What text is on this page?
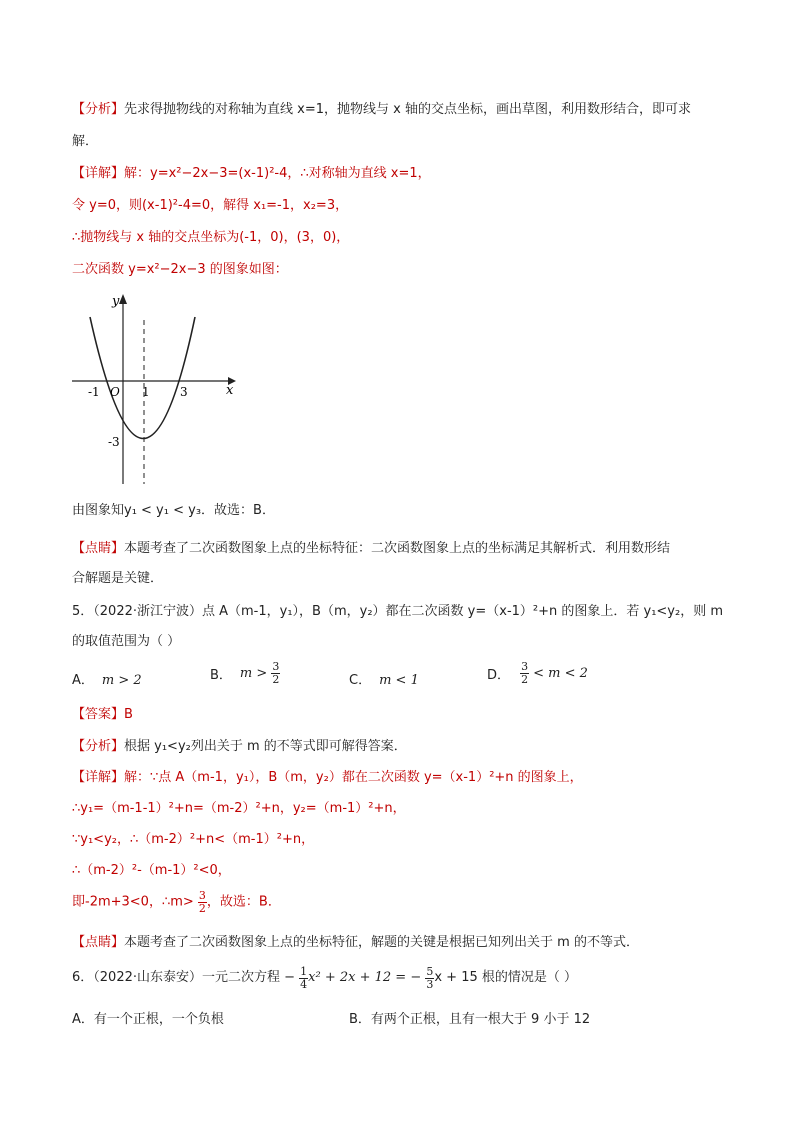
【分析】先求得抛物线的对称轴为直线 x=1，抛物线与 x 轴的交点坐标，画出草图，利用数形结合，即可求
解．
【详解】解：y=x²−2x−3=(x-1)²-4，∴对称轴为直线 x=1，
令 y=0，则(x-1)²-4=0，解得 x₁=-1，x₂=3，
∴抛物线与 x 轴的交点坐标为(-1，0)，(3，0)，
二次函数 y=x²−2x−3 的图象如图：
y
x
O
-1	1	3
-3
由图象知y₁ < y₁ < y₃．故选：B．
【点睛】本题考查了二次函数图象上点的坐标特征：二次函数图象上点的坐标满足其解析式．利用数形结
合解题是关键．
5．（2022·浙江宁波）点 A（m-1，y₁），B（m，y₂）都在二次函数 y=（x-1）²+n 的图象上．若 y₁<y₂，则 m
的取值范围为（ ）
A． m > 2	B． $m > \frac{3}{2}$	C． m < 1	D． $\frac{3}{2} < m < 2$
【答案】B
【分析】根据 y₁<y₂列出关于 m 的不等式即可解得答案．
【详解】解：∵点 A（m-1，y₁），B（m，y₂）都在二次函数 y=（x-1）²+n 的图象上，
∴y₁=（m-1-1）²+n=（m-2）²+n，y₂=（m-1）²+n，
∵y₁<y₂，∴（m-2）²+n<（m-1）²+n，
∴（m-2）²-（m-1）²<0，
即-2m+3<0，∴m> $\frac{3}{2}$ ，故选：B．
【点睛】本题考查了二次函数图象上点的坐标特征，解题的关键是根据已知列出关于 m 的不等式．
6．（2022·山东泰安）一元二次方程 − $\frac{1}{4} x^2 + 2x + 12$ = − $\frac{5}{3}$ x + 15 根的情况是（ ）
A．有一个正根，一个负根	B．有两个正根，且有一根大于 9 小于 12
